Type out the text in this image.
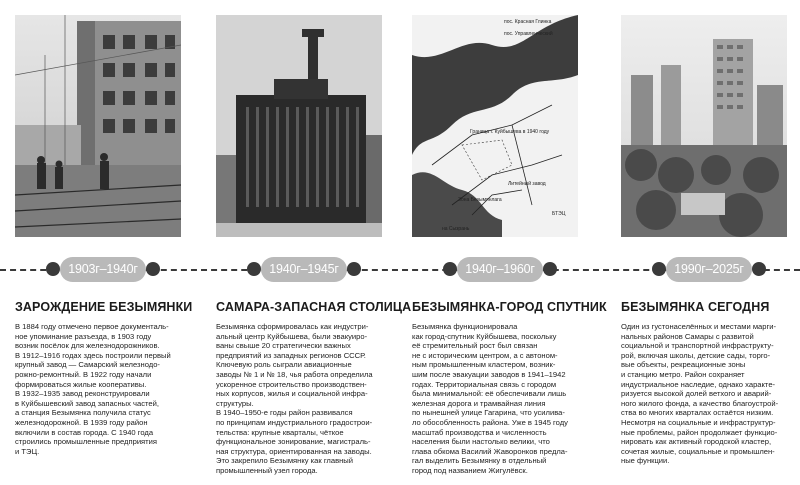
1903г–1940г
ЗАРОЖДЕНИЕ БЕЗЫМЯНКИ

В 1884 году отмечено первое документаль-
ное упоминание разъезда, в 1903 году
возник посёлок для железнодорожников.
В 1912–1916 годах здесь построили первый
крупный завод — Самарский железнодо-
рожно-ремонтный. В 1922 году начали
формироваться жилые кооперативы.
В 1932–1935 завод реконструировали
в Куйбышевский завод запасных частей,
а станция Безымянка получила статус
железнодорожной. В 1939 году район
включили в состав города. С 1940 года
строились промышленные предприятия
и ТЭЦ.

1940г–1945г
САМАРА-ЗАПАСНАЯ СТОЛИЦА

Безымянка сформировалась как индустри-
альный центр Куйбышева, были эвакуиро-
ваны свыше 20 стратегически важных
предприятий из западных регионов СССР.
Ключевую роль сыграли авиационные
заводы № 1 и № 18, чья работа определила
ускоренное строительство производствен-
ных корпусов, жилья и социальной инфра-
структуры.
В 1940–1950-е годы район развивался
по принципам индустриального градострои-
тельства: крупные кварталы, чёткое
функциональное зонирование, магистраль-
ная структура, ориентированная на заводы.
Это закрепило Безымянку как главный
промышленный узел города.

пос. Красная Глинка
пос. Управленческий
Граница г. Куйбышева в 1940 году
Литейный завод
Зона Безымянлага
на Сызрань
БТЭЦ
1940г–1960г
БЕЗЫМЯНКА-ГОРОД СПУТНИК

Безымянка функционировала
как город-спутник Куйбышева, поскольку
её стремительный рост был связан
не с историческим центром, а с автоном-
ным промышленным кластером, возник-
шим после эвакуации заводов в 1941–1942
годах. Территориальная связь с городом
была минимальной: её обеспечивали лишь
железная дорога и трамвайная линия
по нынешней улице Гагарина, что усилива-
ло обособленность района. Уже в 1945 году
масштаб производства и численность
населения были настолько велики, что
глава обкома Василий Жаворонков предла-
гал выделить Безымянку в отдельный
город под названием Жигулёвск.

1990г–2025г
БЕЗЫМЯНКА СЕГОДНЯ

Один из густонаселённых и местами марги-
нальных районов Самары с развитой
социальной и транспортной инфраструкту-
рой, включая школы, детские сады, торго-
вые объекты, рекреационные зоны
и станцию метро. Район сохраняет
индустриальное наследие, однако характе-
ризуется высокой долей ветхого и аварий-
ного жилого фонда, а качество благоустрой-
ства во многих кварталах остаётся низким.
Несмотря на социальные и инфраструктур-
ные проблемы, район продолжает функцио-
нировать как активный городской кластер,
сочетая жилые, социальные и промышлен-
ные функции.
